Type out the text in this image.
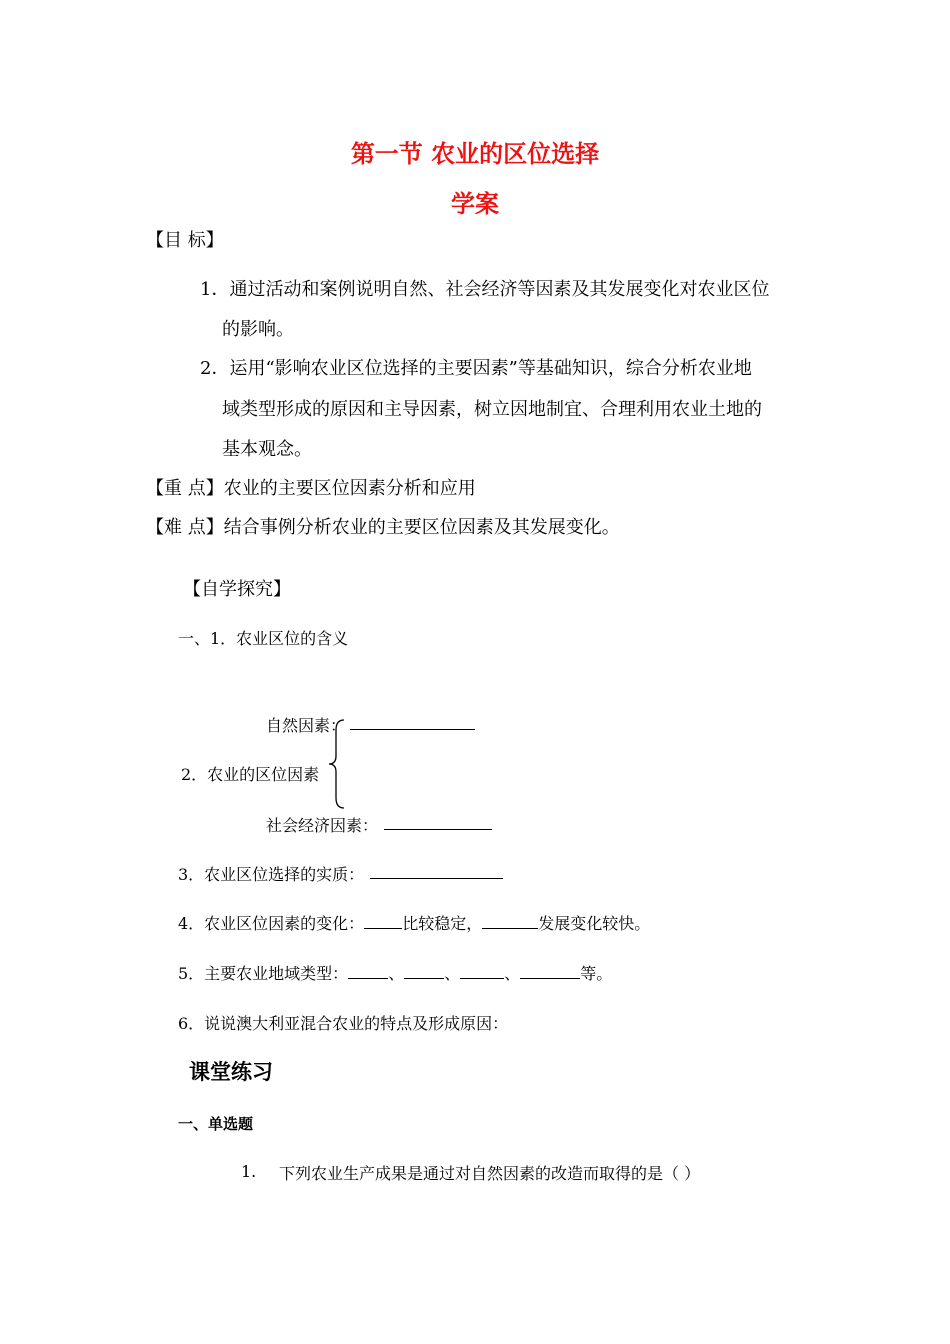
第一节 农业的区位选择
学案
【目 标】
1．通过活动和案例说明自然、社会经济等因素及其发展变化对农业区位
的影响。
2．运用“影响农业区位选择的主要因素”等基础知识，综合分析农业地
域类型形成的原因和主导因素，树立因地制宜、合理利用农业土地的
基本观念。
【重 点】农业的主要区位因素分析和应用
【难 点】结合事例分析农业的主要区位因素及其发展变化。
【自学探究】
一、1．农业区位的含义
自然因素：
2．农业的区位因素
社会经济因素：
3．农业区位选择的实质：
4．农业区位因素的变化： 比较稳定，	发展变化较快。
5．主要农业地域类型：	、	、	、	等。
6．说说澳大利亚混合农业的特点及形成原因：
课堂练习
一、单选题
1. 下列农业生产成果是通过对自然因素的改造而取得的是（ ）
